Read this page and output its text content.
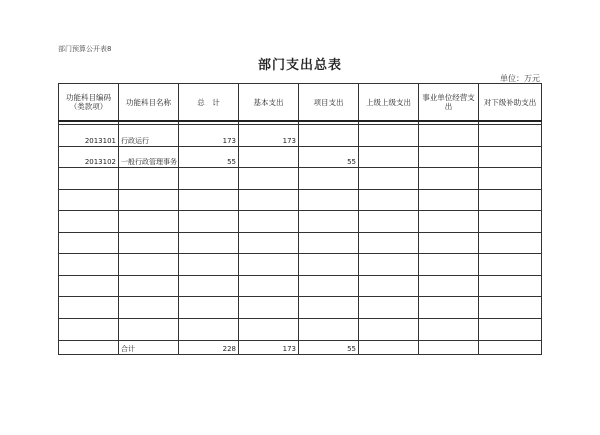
部门预算公开表8
部门支出总表
单位：万元
功能科目编码（类款项）	功能科目名称	总　计	基本支出	项目支出	上级上级支出	事业单位经营支出	对下级补助支出

2013101	行政运行	173	173				
2013102	一般行政管理事务	55		55			

	合计	228	173	55			
